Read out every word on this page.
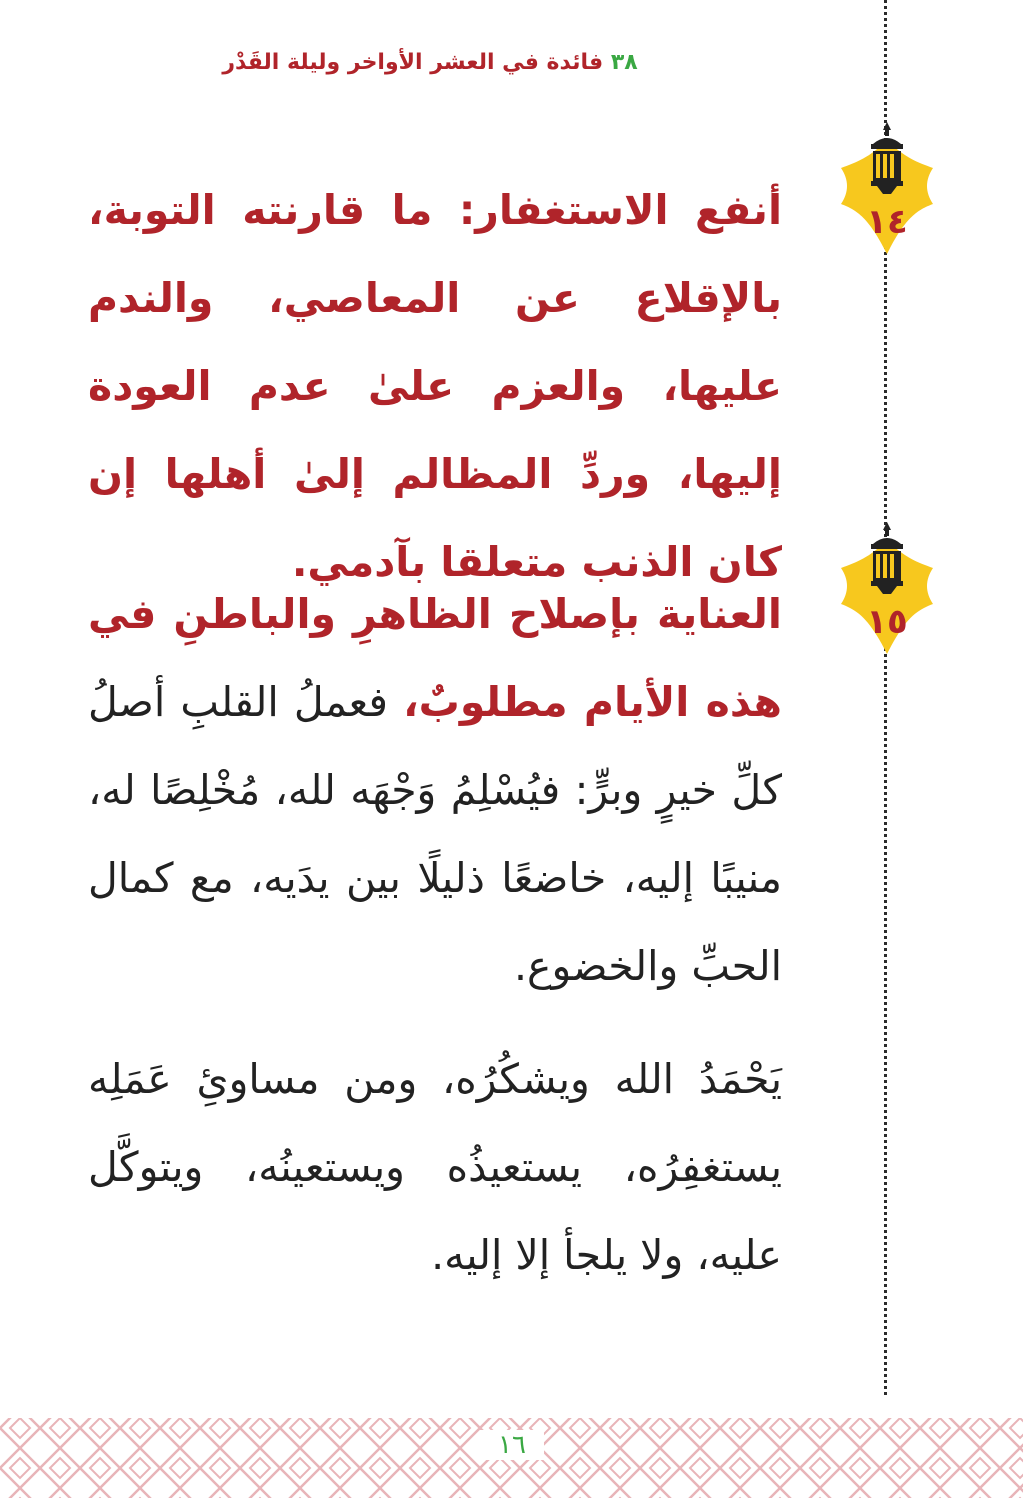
٣٨ فائدة في العشر الأواخر وليلة القَدْر
١٤
١٥

أنفع الاستغفار: ما قارنته التوبة، بالإقلاع عن المعاصي، والندم عليها، والعزم علىٰ عدم العودة إليها، وردِّ المظالم إلىٰ أهلها إن كان الذنب متعلقا بآدمي.

العناية بإصلاح الظاهرِ والباطنِ في هذه الأيام مطلوبٌ، فعملُ القلبِ أصلُ كلِّ خيرٍ وبرٍّ: فيُسْلِمُ وَجْهَه لله، مُخْلِصًا له، منيبًا إليه، خاضعًا ذليلًا بين يدَيه، مع كمال الحبِّ والخضوع.

يَحْمَدُ الله ويشكُرُه، ومن مساوئِ عَمَلِه يستغفِرُه، يستعيذُه ويستعينُه، ويتوكَّل عليه، ولا يلجأ إلا إليه.

١٦
